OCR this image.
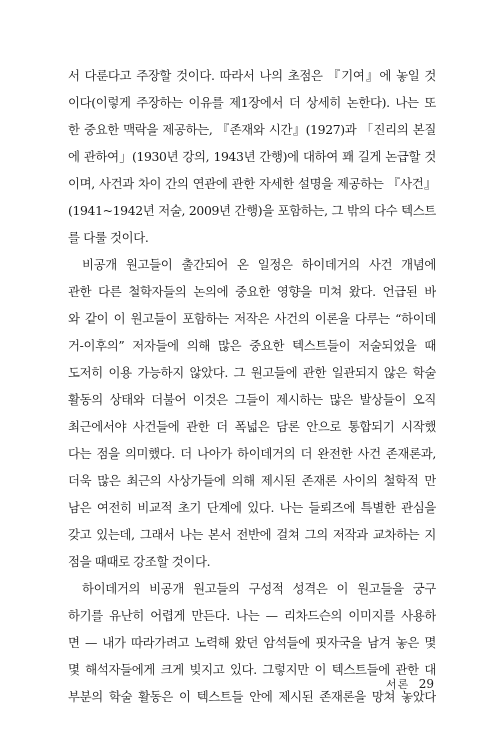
서 다룬다고 주장할 것이다. 따라서 나의 초점은 『기여』에 놓일 것
이다(이렇게 주장하는 이유를 제1장에서 더 상세히 논한다). 나는 또
한 중요한 맥락을 제공하는, 『존재와 시간』(1927)과 「진리의 본질
에 관하여」(1930년 강의, 1943년 간행)에 대하여 꽤 길게 논급할 것
이며, 사건과 차이 간의 연관에 관한 자세한 설명을 제공하는 『사건』
(1941~1942년 저술, 2009년 간행)을 포함하는, 그 밖의 다수 텍스트
를 다룰 것이다.
비공개 원고들이 출간되어 온 일정은 하이데거의 사건 개념에
관한 다른 철학자들의 논의에 중요한 영향을 미쳐 왔다. 언급된 바
와 같이 이 원고들이 포함하는 저작은 사건의 이론을 다루는 “하이데
거-이후의” 저자들에 의해 많은 중요한 텍스트들이 저술되었을 때
도저히 이용 가능하지 않았다. 그 원고들에 관한 일관되지 않은 학술
활동의 상태와 더불어 이것은 그들이 제시하는 많은 발상들이 오직
최근에서야 사건들에 관한 더 폭넓은 담론 안으로 통합되기 시작했
다는 점을 의미했다. 더 나아가 하이데거의 더 완전한 사건 존재론과,
더욱 많은 최근의 사상가들에 의해 제시된 존재론 사이의 철학적 만
남은 여전히 비교적 초기 단계에 있다. 나는 들뢰즈에 특별한 관심을
갖고 있는데, 그래서 나는 본서 전반에 걸쳐 그의 저작과 교차하는 지
점을 때때로 강조할 것이다.
하이데거의 비공개 원고들의 구성적 성격은 이 원고들을 궁구
하기를 유난히 어렵게 만든다. 나는 — 리차드슨의 이미지를 사용하
면 — 내가 따라가려고 노력해 왔던 암석들에 핏자국을 남겨 놓은 몇
몇 해석자들에게 크게 빚지고 있다. 그렇지만 이 텍스트들에 관한 대
부분의 학술 활동은 이 텍스트들 안에 제시된 존재론을 망쳐 놓았다
서론 29
